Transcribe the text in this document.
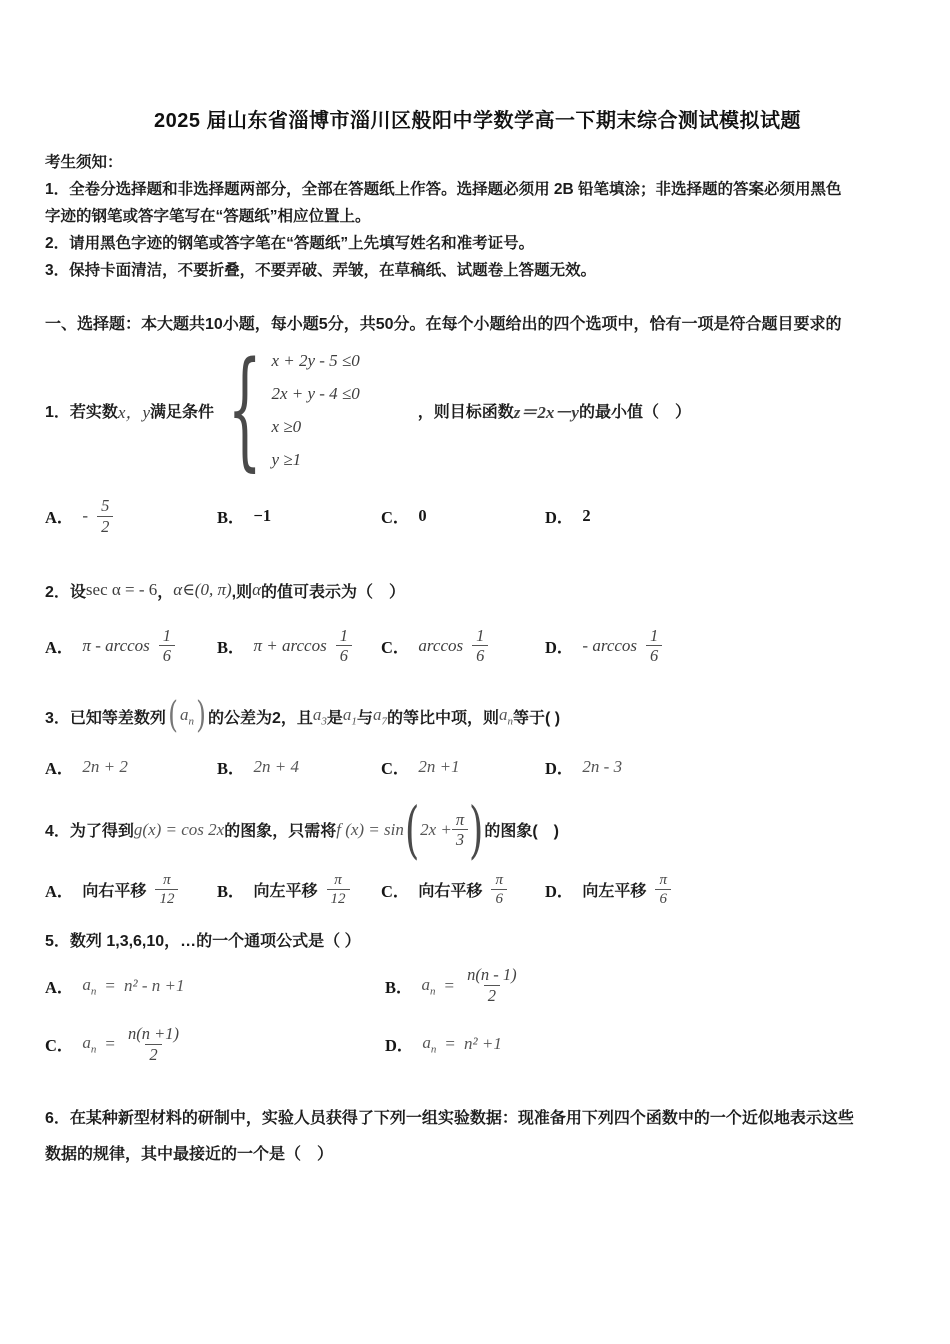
2025 届山东省淄博市淄川区般阳中学数学高一下期末综合测试模拟试题
考生须知：
1．全卷分选择题和非选择题两部分，全部在答题纸上作答。选择题必须用 2B 铅笔填涂；非选择题的答案必须用黑色
字迹的钢笔或答字笔写在“答题纸”相应位置上。
2．请用黑色字迹的钢笔或答字笔在“答题纸”上先填写姓名和准考证号。
3．保持卡面清洁，不要折叠，不要弄破、弄皱，在草稿纸、试题卷上答题无效。
一、选择题：本大题共10小题，每小题5分，共50分。在每个小题给出的四个选项中，恰有一项是符合题目要求的
1．若实数 x，y 满足条件 { x + 2y - 5 ≤0
2x + y - 4 ≤0
x ≥0
y ≥1
，则目标函数 z＝2x－y 的最小值（　）
A． - $\frac{5}{2}$	B． −1	C． 0	D． 2
2．设 sec α = - 6 ， α∈(0, π) ,则 α 的值可表示为（　）
A． π - $\arccos \frac{1}{6}$	B． $\pi + \arccos \frac{1}{6}$ C． $\arccos \frac{1}{6}$	D． - $\arccos \frac{1}{6}$
3．已知等差数列 ( $a_n$ ) 的公差为2，且 $a_3$ 是 $a_1$ 与 $a_7$ 的等比中项，则 $a_n$ 等于( )
A． 2n + 2	B． 2n + 4	C． 2n +1	D． 2n - 3
4．为了得到 g(x) = cos 2x 的图象，只需将 f (x) = sin ( $2x + \frac{\pi}{3}$ ) 的图象(　)
A． 向右平移 $\frac{\pi}{12}$ B． 向左平移 $\frac{\pi}{12}$ C． 向右平移 $\frac{\pi}{6}$ D． 向左平移 $\frac{\pi}{6}$
5．数列 1,3,6,10，…的一个通项公式是（ ）
A． $a_n = n^2 - n +1$	B． $a_n = \frac{n(n - 1)}{2}$
C． $a_n = \frac{n(n +1)}{2}$	D． $a_n = n^2 +1$
6．在某种新型材料的研制中，实验人员获得了下列一组实验数据：现准备用下列四个函数中的一个近似地表示这些
数据的规律，其中最接近的一个是（　）
